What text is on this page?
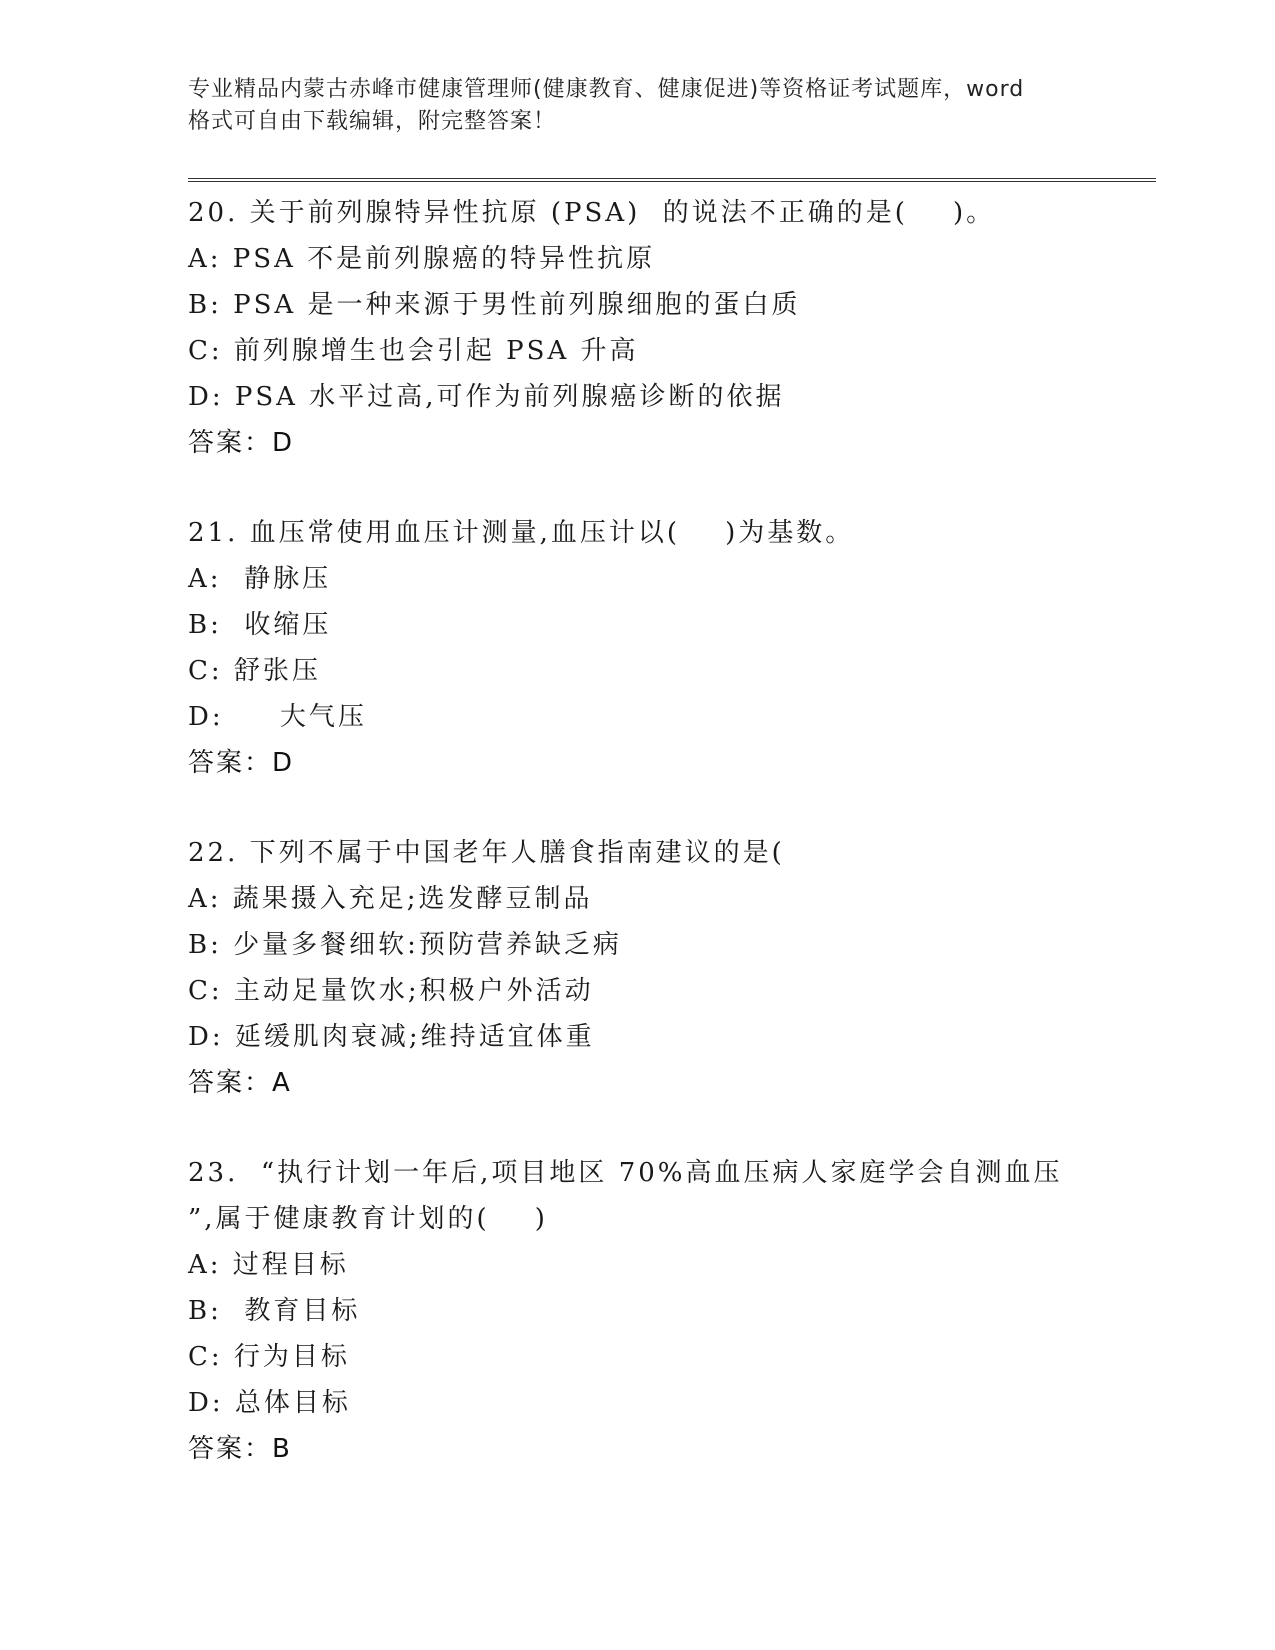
专业精品内蒙古赤峰市健康管理师(健康教育、健康促进)等资格证考试题库，word
格式可自由下载编辑，附完整答案！
20. 关于前列腺特异性抗原 (PSA)  的说法不正确的是(    )。
A: PSA 不是前列腺癌的特异性抗原
B: PSA 是一种来源于男性前列腺细胞的蛋白质
C: 前列腺增生也会引起 PSA 升高
D: PSA 水平过高,可作为前列腺癌诊断的依据
答案：D
21. 血压常使用血压计测量,血压计以(    )为基数。
A:  静脉压
B:  收缩压
C: 舒张压
D:     大气压
答案：D
22. 下列不属于中国老年人膳食指南建议的是(
A: 蔬果摄入充足;选发酵豆制品
B: 少量多餐细软:预防营养缺乏病
C: 主动足量饮水;积极户外活动
D: 延缓肌肉衰减;维持适宜体重
答案：A
23.  “执行计划一年后,项目地区 70%高血压病人家庭学会自测血压
”,属于健康教育计划的(    )
A: 过程目标
B:  教育目标
C: 行为目标
D: 总体目标
答案：B
